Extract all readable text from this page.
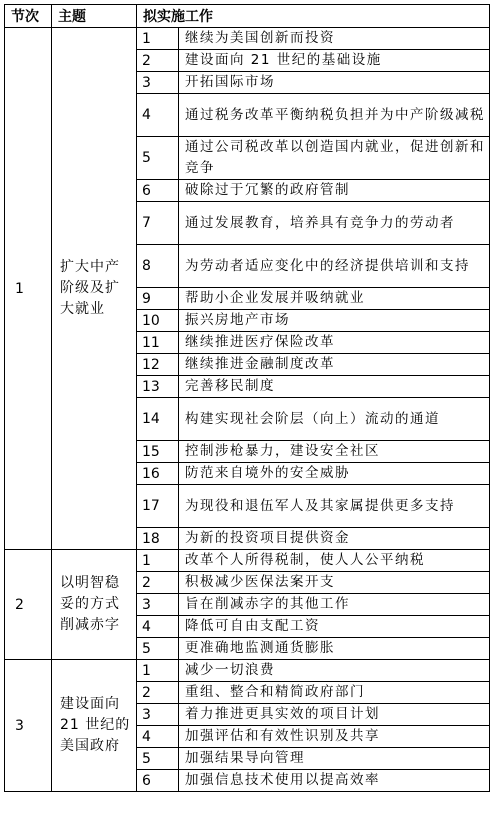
节次	主题	拟实施工作	
1	扩大中产阶级及扩大就业	1	继续为美国创新而投资
		2	建设面向 21 世纪的基础设施
		3	开拓国际市场
		4	通过税务改革平衡纳税负担并为中产阶级减税
		5	通过公司税改革以创造国内就业，促进创新和竞争
		6	破除过于冗繁的政府管制
		7	通过发展教育，培养具有竞争力的劳动者
		8	为劳动者适应变化中的经济提供培训和支持
		9	帮助小企业发展并吸纳就业
		10	振兴房地产市场
		11	继续推进医疗保险改革
		12	继续推进金融制度改革
		13	完善移民制度
		14	构建实现社会阶层（向上）流动的通道
		15	控制涉枪暴力，建设安全社区
		16	防范来自境外的安全威胁
		17	为现役和退伍军人及其家属提供更多支持
		18	为新的投资项目提供资金
2	以明智稳妥的方式削减赤字	1	改革个人所得税制，使人人公平纳税
		2	积极减少医保法案开支
		3	旨在削减赤字的其他工作
		4	降低可自由支配工资
		5	更准确地监测通货膨胀
3	建设面向21 世纪的美国政府	1	减少一切浪费
		2	重组、整合和精简政府部门
		3	着力推进更具实效的项目计划
		4	加强评估和有效性识别及共享
		5	加强结果导向管理
		6	加强信息技术使用以提高效率
